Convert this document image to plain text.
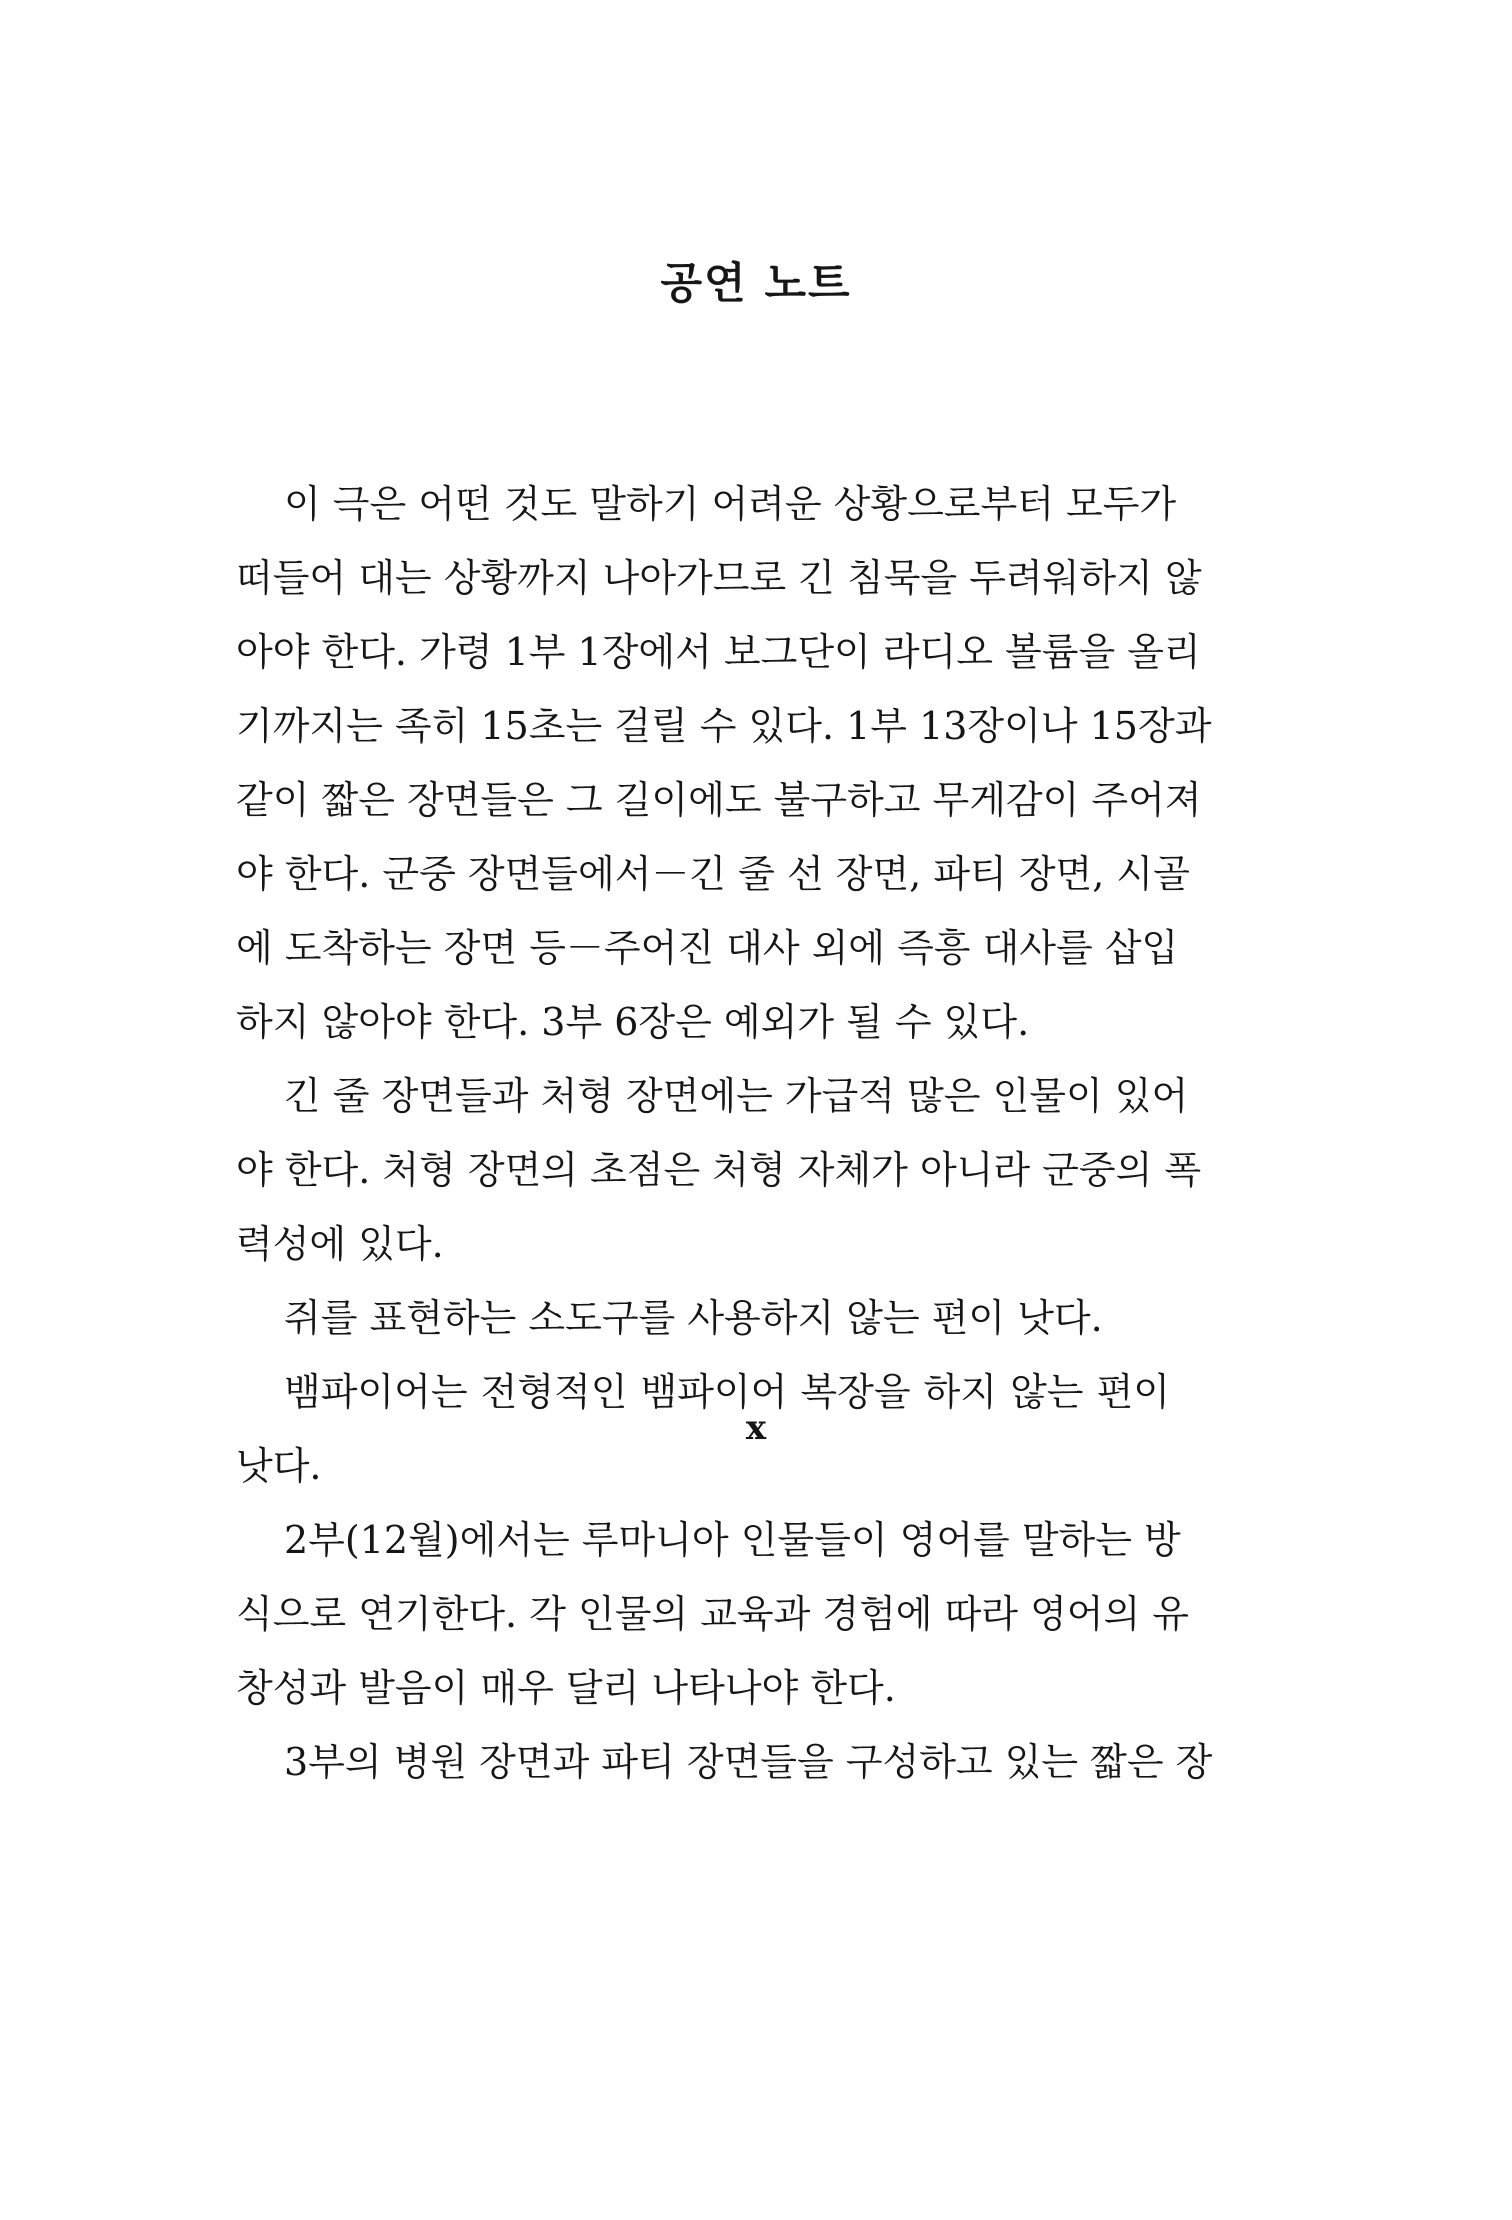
공연 노트
이 극은 어떤 것도 말하기 어려운 상황으로부터 모두가
떠들어 대는 상황까지 나아가므로 긴 침묵을 두려워하지 않
아야 한다. 가령 1부 1장에서 보그단이 라디오 볼륨을 올리
기까지는 족히 15초는 걸릴 수 있다. 1부 13장이나 15장과
같이 짧은 장면들은 그 길이에도 불구하고 무게감이 주어져
야 한다. 군중 장면들에서－긴 줄 선 장면, 파티 장면, 시골
에 도착하는 장면 등－주어진 대사 외에 즉흥 대사를 삽입
하지 않아야 한다. 3부 6장은 예외가 될 수 있다.
긴 줄 장면들과 처형 장면에는 가급적 많은 인물이 있어
야 한다. 처형 장면의 초점은 처형 자체가 아니라 군중의 폭
력성에 있다.
쥐를 표현하는 소도구를 사용하지 않는 편이 낫다.
뱀파이어는 전형적인 뱀파이어 복장을 하지 않는 편이
낫다.
2부(12월)에서는 루마니아 인물들이 영어를 말하는 방
식으로 연기한다. 각 인물의 교육과 경험에 따라 영어의 유
창성과 발음이 매우 달리 나타나야 한다.
3부의 병원 장면과 파티 장면들을 구성하고 있는 짧은 장
x
